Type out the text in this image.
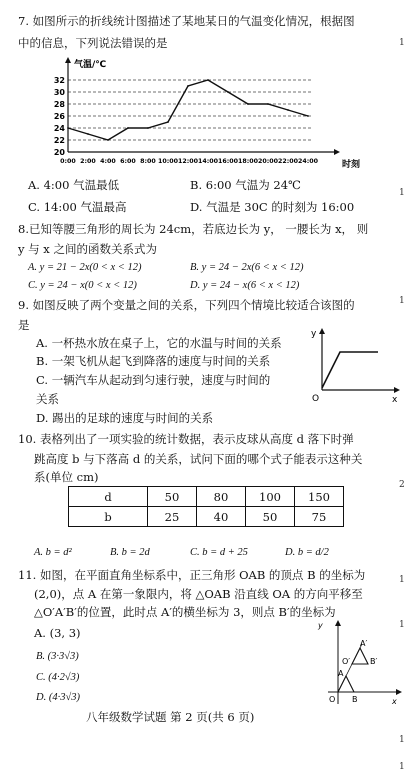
1
1
1
2
1
1
1
1
7. 如图所示的折线统计图描述了某地某日的气温变化情况，根据图
中的信息，下列说法错误的是
20
22
24
26
28
30
32
气温/℃
时刻
0:00 2:00 4:00 6:00 8:00 10:00 12:00 14:00 16:00 18:00 20:00 22:00 24:00
A. 4:00 气温最低	B. 6:00 气温为 24℃
C. 14:00 气温最高	D. 气温是 30C 的时刻为 16:00
8.已知等腰三角形的周长为 24cm，若底边长为 y， 一腰长为 x， 则
y 与 x 之间的函数关系式为
A. y = 21 − 2x(0 < x < 12)	B. y = 24 − 2x(6 < x < 12)
C. y = 24 − x(0 < x < 12)	D. y = 24 − x(6 < x < 12)
9. 如图反映了两个变量之间的关系，下列四个情境比较适合该图的
是
A. 一杯热水放在桌子上，它的水温与时间的关系
B. 一架飞机从起飞到降落的速度与时间的关系
C. 一辆汽车从起动到匀速行驶，速度与时间的
关系
D. 踢出的足球的速度与时间的关系
y
x
O
10. 表格列出了一项实验的统计数据，表示皮球从高度 d 落下时弹
跳高度 b 与下落高 d 的关系，试问下面的哪个式子能表示这种关
系(单位 cm)
d	50	80	100	150
b	25	40	50	75
A. b = d²	B. b = 2d	C. b = d + 25	D. b = d/2
11. 如图，在平面直角坐标系中，正三角形 OAB 的顶点 B 的坐标为
(2,0)，点 A 在第一象限内，将 △OAB 沿直线 OA 的方向平移至
△O′A′B′的位置，此时点 A′的横坐标为 3，则点 B′的坐标为
A. (3, 3)
B. (3·3√3)
C. (4·2√3)
D. (4·3√3)
y
x
O
A
B
O′
A′
B′
八年级数学试题 第 2 页(共 6 页)
